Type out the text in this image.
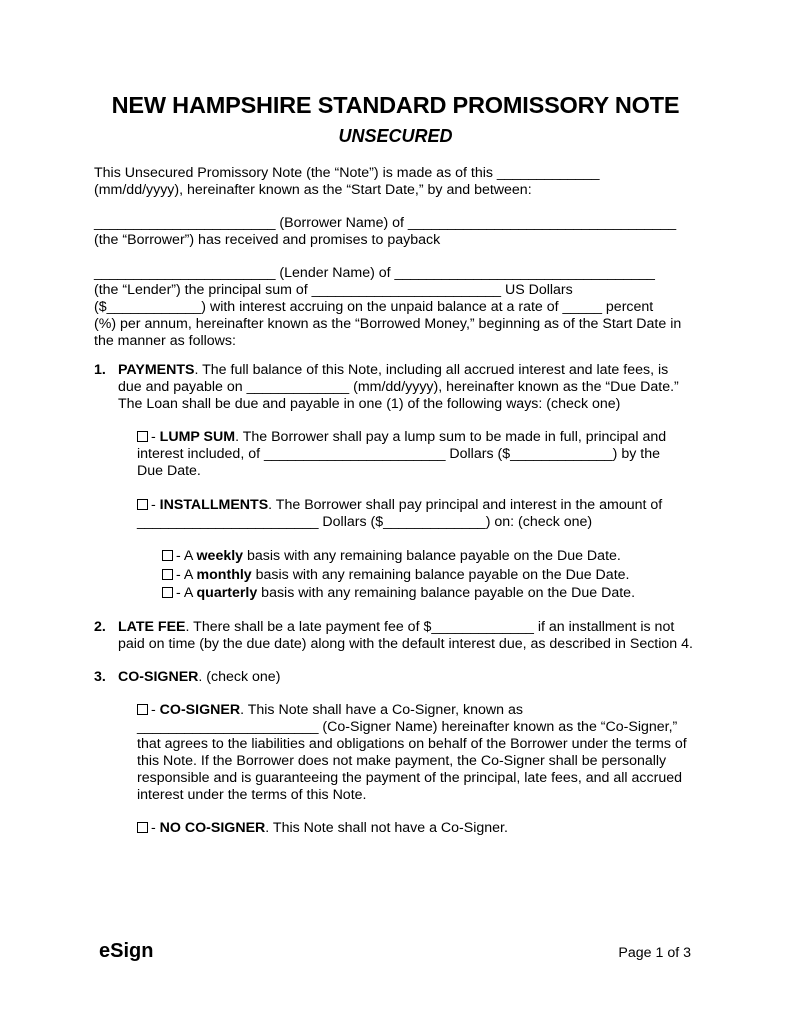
NEW HAMPSHIRE STANDARD PROMISSORY NOTE
UNSECURED
This Unsecured Promissory Note (the “Note”) is made as of this _____________
(mm/dd/yyyy), hereinafter known as the “Start Date,” by and between:
_______________________ (Borrower Name) of __________________________________
(the “Borrower”) has received and promises to payback
_______________________ (Lender Name) of _________________________________
(the “Lender”) the principal sum of ________________________ US Dollars
($____________) with interest accruing on the unpaid balance at a rate of _____ percent
(%) per annum, hereinafter known as the “Borrowed Money,” beginning as of the Start Date in
the manner as follows:
1. PAYMENTS. The full balance of this Note, including all accrued interest and late fees, is
due and payable on _____________ (mm/dd/yyyy), hereinafter known as the “Due Date.”
The Loan shall be due and payable in one (1) of the following ways: (check one)
- LUMP SUM. The Borrower shall pay a lump sum to be made in full, principal and
interest included, of _______________________ Dollars ($_____________) by the
Due Date.
- INSTALLMENTS. The Borrower shall pay principal and interest in the amount of
_______________________ Dollars ($_____________) on: (check one)
- A weekly basis with any remaining balance payable on the Due Date.
- A monthly basis with any remaining balance payable on the Due Date.
- A quarterly basis with any remaining balance payable on the Due Date.
2. LATE FEE. There shall be a late payment fee of $_____________ if an installment is not
paid on time (by the due date) along with the default interest due, as described in Section 4.
3. CO-SIGNER. (check one)
- CO-SIGNER. This Note shall have a Co-Signer, known as
_______________________ (Co-Signer Name) hereinafter known as the “Co-Signer,”
that agrees to the liabilities and obligations on behalf of the Borrower under the terms of
this Note. If the Borrower does not make payment, the Co-Signer shall be personally
responsible and is guaranteeing the payment of the principal, late fees, and all accrued
interest under the terms of this Note.
- NO CO-SIGNER. This Note shall not have a Co-Signer.
eSign	Page 1 of 3
